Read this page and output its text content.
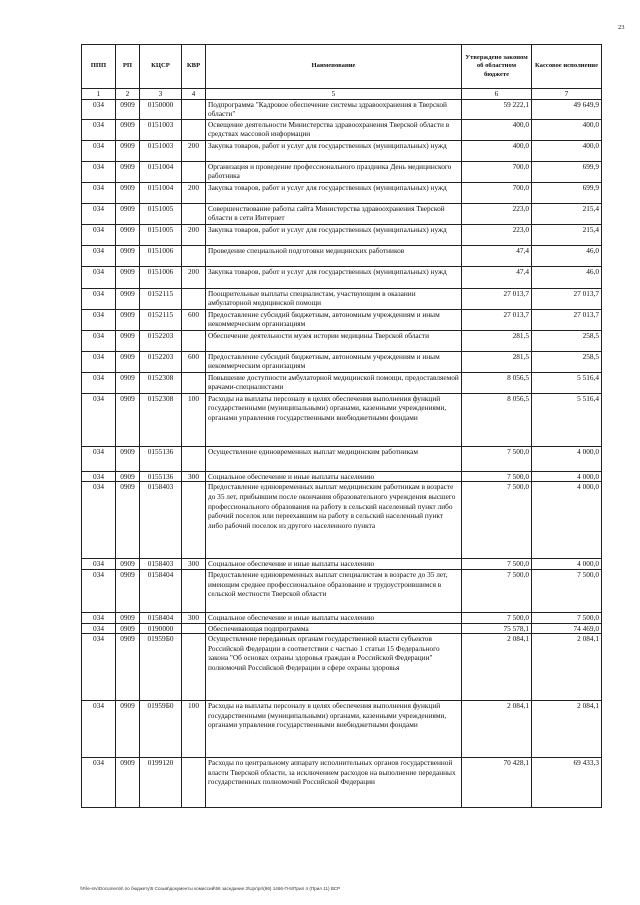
23
ППП	РП	КЦСР	КВР	Наименование	Утверждено законом об областном бюджете	Кассовое исполнение
1	2	3	4	5	6	7
034	0909	0150000		Подпрограмма "Кадровое обеспечение системы здравоохранения в Тверской области"	59 222,1	49 649,9
034	0909	0151003		Освещение деятельности Министерства здравоохранения Тверской области в средствах массовой информации	400,0	400,0
034	0909	0151003	200	Закупка товаров, работ и услуг для государственных (муниципальных) нужд	400,0	400,0
034	0909	0151004		Организация и проведение профессионального праздника День медицинского работника	700,0	699,9
034	0909	0151004	200	Закупка товаров, работ и услуг для государственных (муниципальных) нужд	700,0	699,9
034	0909	0151005		Совершенствование работы сайта Министерства здравоохранения Тверской области в сети Интернет	223,0	215,4
034	0909	0151005	200	Закупка товаров, работ и услуг для государственных (муниципальных) нужд	223,0	215,4
034	0909	0151006		Проведение специальной подготовки медицинских работников	47,4	46,0
034	0909	0151006	200	Закупка товаров, работ и услуг для государственных (муниципальных) нужд	47,4	46,0
034	0909	0152115		Поощрительные выплаты специалистам, участвующим в оказании амбулаторной медицинской помощи	27 013,7	27 013,7
034	0909	0152115	600	Предоставление субсидий бюджетным, автономным учреждениям и иным некоммерческим организациям	27 013,7	27 013,7
034	0909	0152203		Обеспечение деятельности музея истории медицины Тверской области	281,5	258,5
034	0909	0152203	600	Предоставление субсидий бюджетным, автономным учреждениям и иным некоммерческим организациям	281,5	258,5
034	0909	0152308		Повышение доступности амбулаторной медицинской помощи, предоставляемой врачами-специалистами	8 056,5	5 516,4
034	0909	0152308	100	Расходы на выплаты персоналу в целях обеспечения выполнения функций государственными (муниципальными) органами, казенными учреждениями, органами управления государственными внебюджетными фондами	8 056,5	5 516,4
034	0909	0155136		Осуществление единовременных выплат медицинским работникам	7 500,0	4 000,0
034	0909	0155136	300	Социальное обеспечение и иные выплаты населению	7 500,0	4 000,0
034	0909	0158403		Предоставление единовременных выплат медицинским работникам в возрасте до 35 лет, прибывшим после окончания образовательного учреждения высшего профессионального образования на работу в сельский населенный пункт либо рабочий поселок или переехавшим на работу в сельский населенный пункт либо рабочий поселок из другого населенного пункта	7 500,0	4 000,0
034	0909	0158403	300	Социальное обеспечение и иные выплаты населению	7 500,0	4 000,0
034	0909	0158404		Предоставление единовременных выплат специалистам в возрасте до 35 лет, имеющим среднее профессиональное образование и трудоустроившимся в сельской местности Тверской области	7 500,0	7 500,0
034	0909	0158404	300	Социальное обеспечение и иные выплаты населению	7 500,0	7 500,0
034	0909	0190000		Обеспечивающая подпрограмма	75 578,1	74 469,0
034	0909	01959Б0		Осуществление переданных органам государственной власти субъектов Российской Федерации в соответствии с частью 1 статьи 15 Федерального закона "Об основах охраны здоровья граждан в Российской Федерации" полномочий Российской Федерации в сфере охраны здоровья	2 084,1	2 084,1
034	0909	01959Б0	100	Расходы на выплаты персоналу в целях обеспечения выполнения функций государственными (муниципальными) органами, казенными учреждениями, органами управления государственными внебюджетными фондами	2 084,1	2 084,1
034	0909	0199120		Расходы по центральному аппарату исполнительных органов государственной власти Тверской области, за исключением расходов на выполнение переданных государственных полномочий Российской Федерации	70 428,1	69 433,3
\\File-srv\Documents\ по бюджету\5 Созыв\документы комиссий\56 заседание 3\Upr\pr\(96) 1466-П-5\Прил 4 (Прил 11) ВСР
